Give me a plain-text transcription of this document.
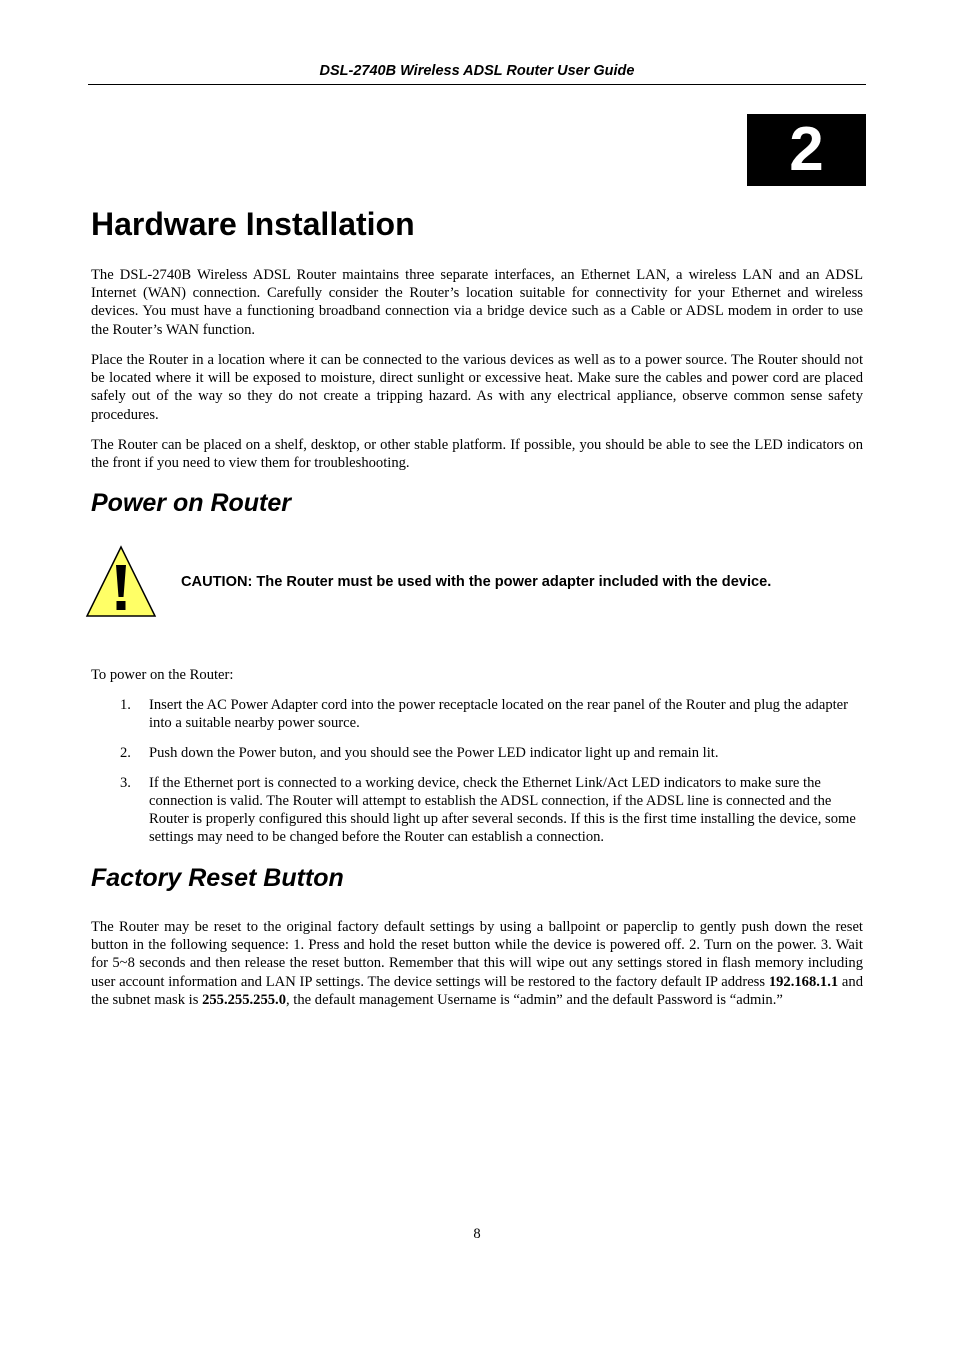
DSL-2740B Wireless ADSL Router User Guide
2
Hardware Installation

The DSL-2740B Wireless ADSL Router maintains three separate interfaces, an Ethernet LAN, a wireless LAN and an ADSL Internet (WAN) connection. Carefully consider the Router’s location suitable for connectivity for your Ethernet and wireless devices. You must have a functioning broadband connection via a bridge device such as a Cable or ADSL modem in order to use the Router’s WAN function.

Place the Router in a location where it can be connected to the various devices as well as to a power source. The Router should not be located where it will be exposed to moisture, direct sunlight or excessive heat. Make sure the cables and power cord are placed safely out of the way so they do not create a tripping hazard. As with any electrical appliance, observe common sense safety procedures.

The Router can be placed on a shelf, desktop, or other stable platform. If possible, you should be able to see the LED indicators on the front if you need to view them for troubleshooting.

Power on Router
CAUTION: The Router must be used with the power adapter included with the device.

To power on the Router:

1. Insert the AC Power Adapter cord into the power receptacle located on the rear panel of the Router and plug the adapter into a suitable nearby power source.
2. Push down the Power buton, and you should see the Power LED indicator light up and remain lit.
3. If the Ethernet port is connected to a working device, check the Ethernet Link/Act LED indicators to make sure the connection is valid. The Router will attempt to establish the ADSL connection, if the ADSL line is connected and the Router is properly configured this should light up after several seconds. If this is the first time installing the device, some settings may need to be changed before the Router can establish a connection.
Factory Reset Button

The Router may be reset to the original factory default settings by using a ballpoint or paperclip to gently push down the reset button in the following sequence: 1. Press and hold the reset button while the device is powered off. 2. Turn on the power. 3. Wait for 5~8 seconds and then release the reset button. Remember that this will wipe out any settings stored in flash memory including user account information and LAN IP settings. The device settings will be restored to the factory default IP address 192.168.1.1 and the subnet mask is 255.255.255.0, the default management Username is “admin” and the default Password is “admin.”

8
